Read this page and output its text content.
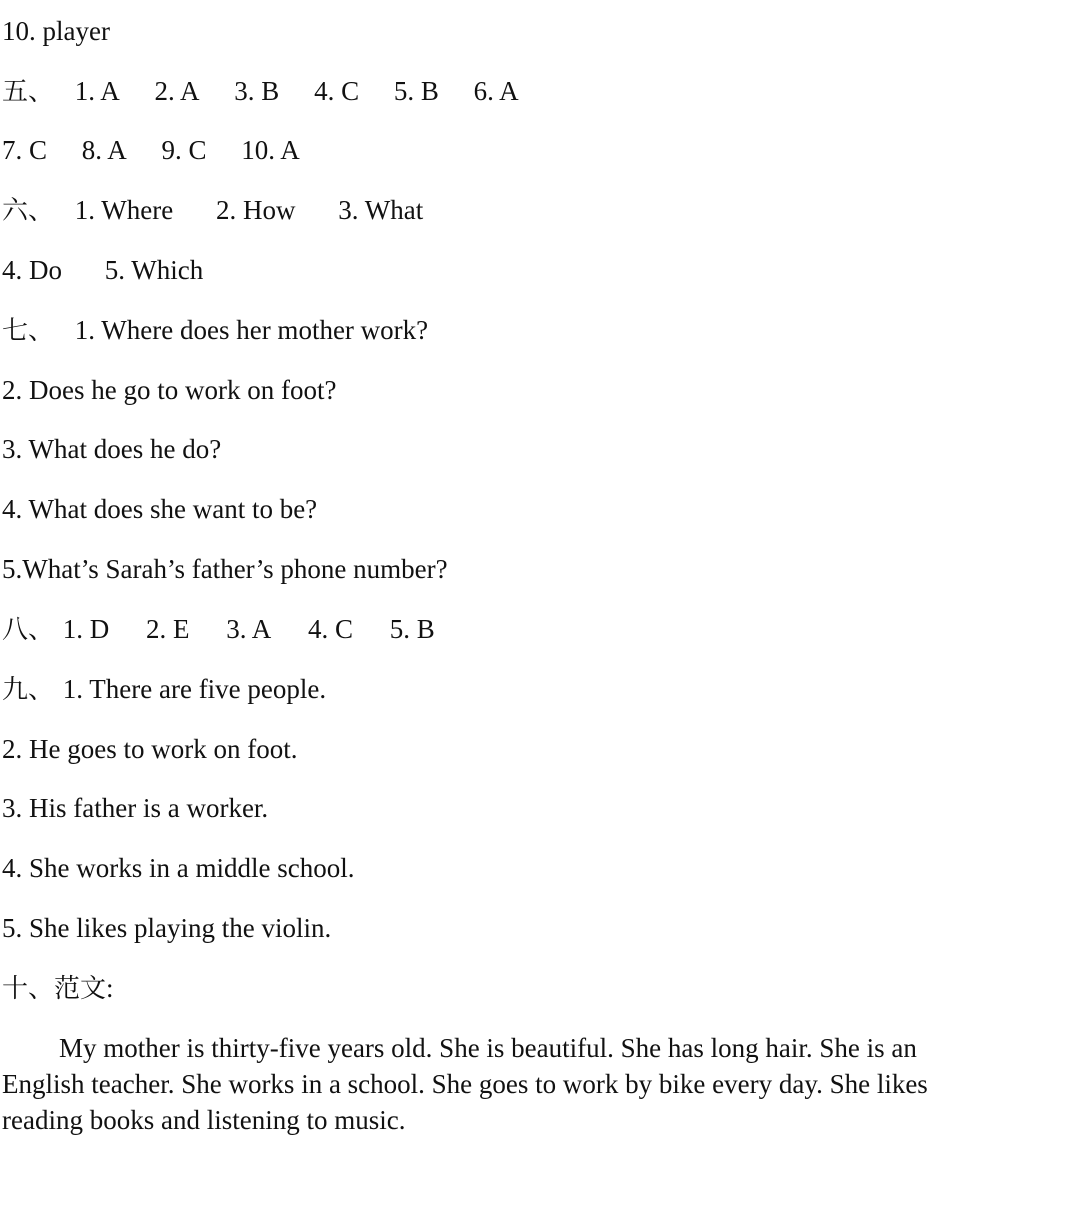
10. player
五、 1. A 2. A 3. B 4. C 5. B 6. A
7. C 8. A 9. C 10. A
六、 1. Where 2. How 3. What
4. Do 5. Which
七、 1. Where does her mother work?
2. Does he go to work on foot?
3. What does he do?
4. What does she want to be?
5.What’s Sarah’s father’s phone number?
八、 1. D 2. E 3. A 4. C 5. B
九、 1. There are five people.
2. He goes to work on foot.
3. His father is a worker.
4. She works in a middle school.
5. She likes playing the violin.
十、范文:

My mother is thirty-five years old. She is beautiful. She has long hair. She is an English teacher. She works in a school. She goes to work by bike every day. She likes reading books and listening to music.
